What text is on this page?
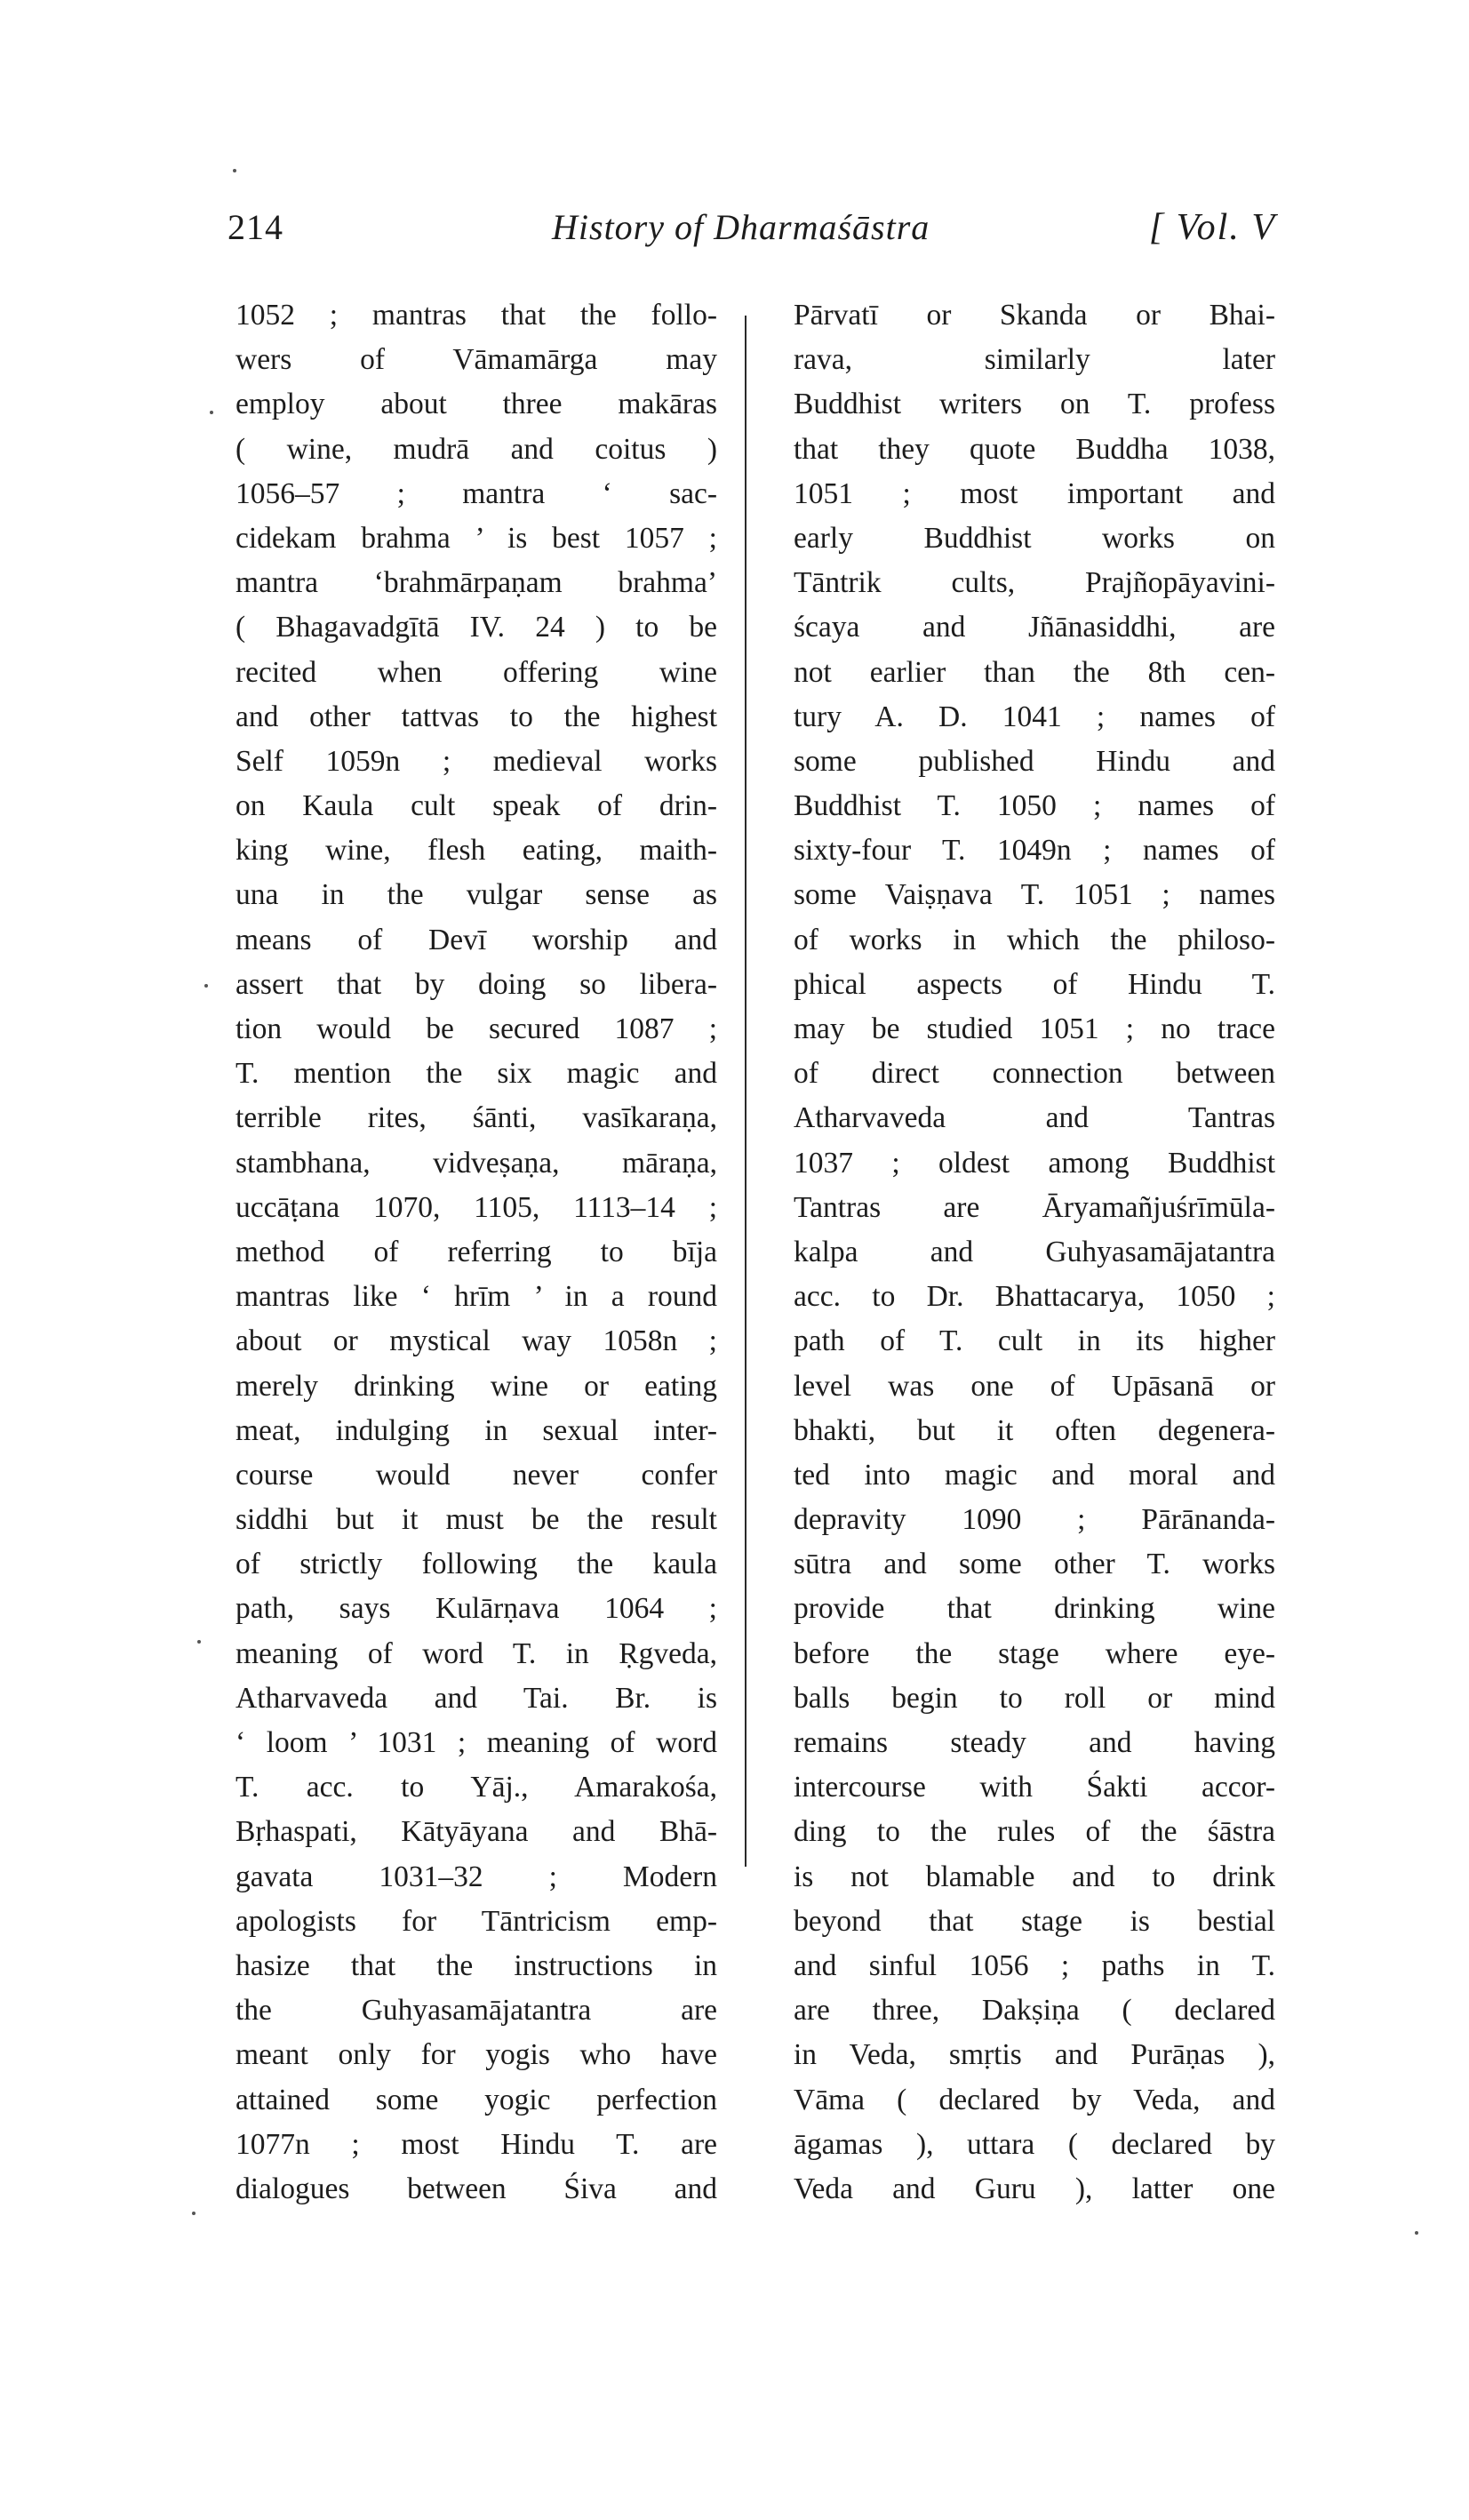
214	History of Dharmaśāstra	[ Vol. V
1052 ; mantras that the follo-
wers of Vāmamārga may
employ about three makāras
( wine, mudrā and coitus )
1056–57 ; mantra ‘ sac-
cidekam brahma ’ is best 1057 ;
mantra ‘brahmārpaṇam brahma’
( Bhagavadgītā IV. 24 ) to be
recited when offering wine
and other tattvas to the highest
Self 1059n ; medieval works
on Kaula cult speak of drin-
king wine, flesh eating, maith-
una in the vulgar sense as
means of Devī worship and
assert that by doing so libera-
tion would be secured 1087 ;
T. mention the six magic and
terrible rites, śānti, vasīkaraṇa,
stambhana, vidveṣaṇa, māraṇa,
uccāṭana 1070, 1105, 1113–14 ;
method of referring to bīja
mantras like ‘ hrīm ’ in a round
about or mystical way 1058n ;
merely drinking wine or eating
meat, indulging in sexual inter-
course would never confer
siddhi but it must be the result
of strictly following the kaula
path, says Kulārṇava 1064 ;
meaning of word T. in Ṛgveda,
Atharvaveda and Tai. Br. is
‘ loom ’ 1031 ; meaning of word
T. acc. to Yāj., Amarakośa,
Bṛhaspati, Kātyāyana and Bhā-
gavata 1031–32 ; Modern
apologists for Tāntricism emp-
hasize that the instructions in
the Guhyasamājatantra are
meant only for yogis who have
attained some yogic perfection
1077n ; most Hindu T. are
dialogues between Śiva and
Pārvatī or Skanda or Bhai-
rava, similarly later
Buddhist writers on T. profess
that they quote Buddha 1038,
1051 ; most important and
early Buddhist works on
Tāntrik cults, Prajñopāyavini-
ścaya and Jñānasiddhi, are
not earlier than the 8th cen-
tury A. D. 1041 ; names of
some published Hindu and
Buddhist T. 1050 ; names of
sixty-four T. 1049n ; names of
some Vaiṣṇava T. 1051 ; names
of works in which the philoso-
phical aspects of Hindu T.
may be studied 1051 ; no trace
of direct connection between
Atharvaveda and Tantras
1037 ; oldest among Buddhist
Tantras are Āryamañjuśrīmūla-
kalpa and Guhyasamājatantra
acc. to Dr. Bhattacarya, 1050 ;
path of T. cult in its higher
level was one of Upāsanā or
bhakti, but it often degenera-
ted into magic and moral and
depravity 1090 ; Pārānanda-
sūtra and some other T. works
provide that drinking wine
before the stage where eye-
balls begin to roll or mind
remains steady and having
intercourse with Śakti accor-
ding to the rules of the śāstra
is not blamable and to drink
beyond that stage is bestial
and sinful 1056 ; paths in T.
are three, Dakṣiṇa ( declared
in Veda, smṛtis and Purāṇas ),
Vāma ( declared by Veda, and
āgamas ), uttara ( declared by
Veda and Guru ), latter one
